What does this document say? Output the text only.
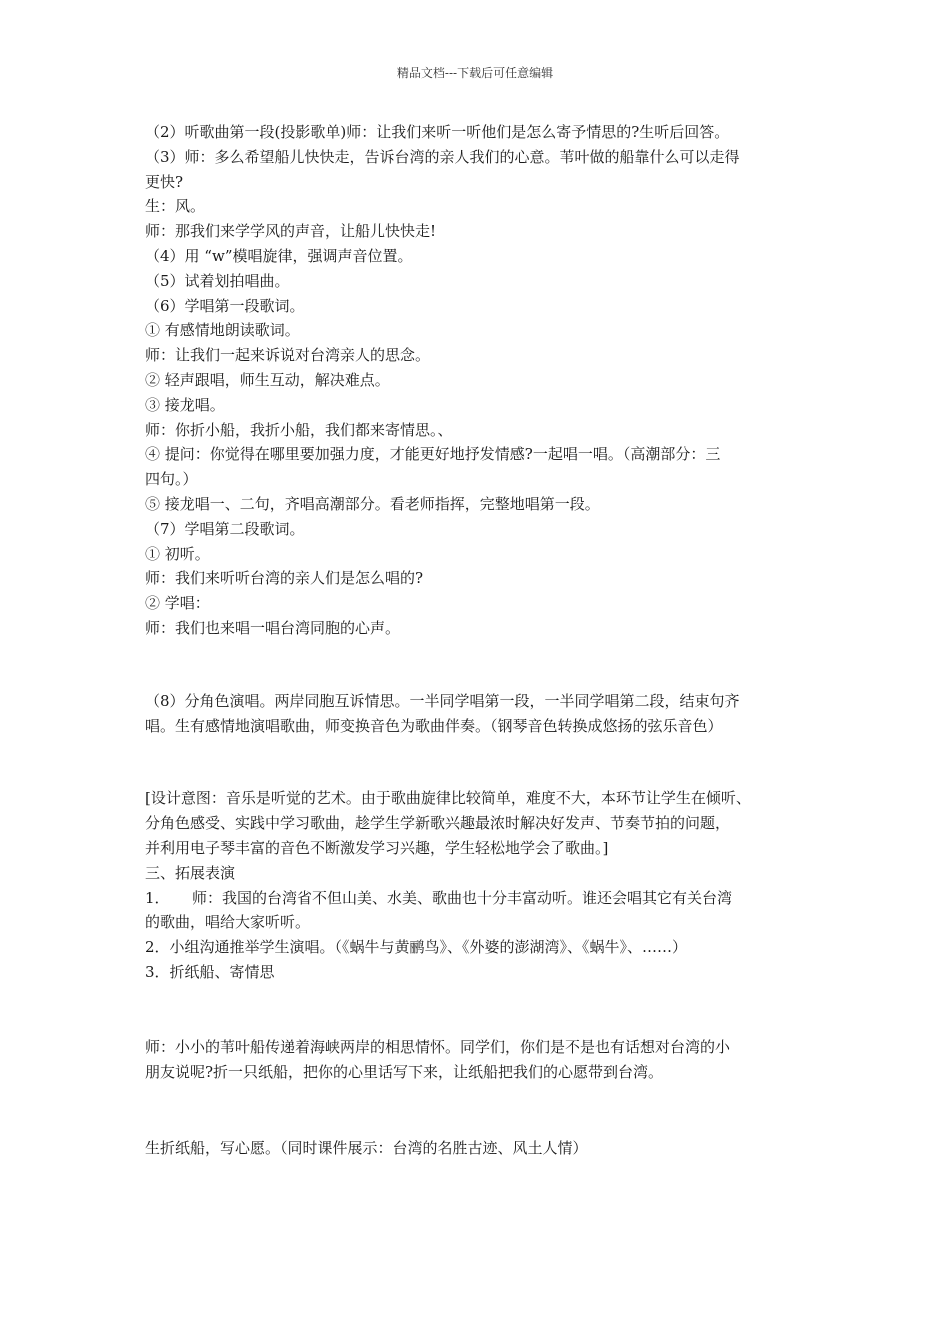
精品文档---下载后可任意编辑

（2）听歌曲第一段(投影歌单)师：让我们来听一听他们是怎么寄予情思的?生听后回答。

（3）师：多么希望船儿快快走，告诉台湾的亲人我们的心意。苇叶做的船靠什么可以走得

更快?

生：风。

师：那我们来学学风的声音，让船儿快快走!

（4）用 “w”模唱旋律，强调声音位置。

（5）试着划拍唱曲。

（6）学唱第一段歌词。

① 有感情地朗读歌词。

师：让我们一起来诉说对台湾亲人的思念。

② 轻声跟唱，师生互动，解决难点。

③ 接龙唱。

师：你折小船，我折小船，我们都来寄情思。、

④ 提问：你觉得在哪里要加强力度，才能更好地抒发情感?一起唱一唱。（高潮部分：三

四句。）

⑤ 接龙唱一、二句，齐唱高潮部分。看老师指挥，完整地唱第一段。

（7）学唱第二段歌词。

① 初听。

师：我们来听听台湾的亲人们是怎么唱的?

② 学唱：

师：我们也来唱一唱台湾同胞的心声。

（8）分角色演唱。两岸同胞互诉情思。一半同学唱第一段，一半同学唱第二段，结束句齐

唱。生有感情地演唱歌曲，师变换音色为歌曲伴奏。（钢琴音色转换成悠扬的弦乐音色）

[设计意图：音乐是听觉的艺术。由于歌曲旋律比较简单，难度不大，本环节让学生在倾听、

分角色感受、实践中学习歌曲，趁学生学新歌兴趣最浓时解决好发声、节奏节拍的问题，

并利用电子琴丰富的音色不断激发学习兴趣，学生轻松地学会了歌曲。]

三、拓展表演

1．　　师：我国的台湾省不但山美、水美、歌曲也十分丰富动听。谁还会唱其它有关台湾

的歌曲，唱给大家听听。

2．小组沟通推举学生演唱。（《蜗牛与黄鹂鸟》、《外婆的澎湖湾》、《蜗牛》、……）

3．折纸船、寄情思

师：小小的苇叶船传递着海峡两岸的相思情怀。同学们，你们是不是也有话想对台湾的小

朋友说呢?折一只纸船，把你的心里话写下来，让纸船把我们的心愿带到台湾。

生折纸船，写心愿。（同时课件展示：台湾的名胜古迹、风土人情）
